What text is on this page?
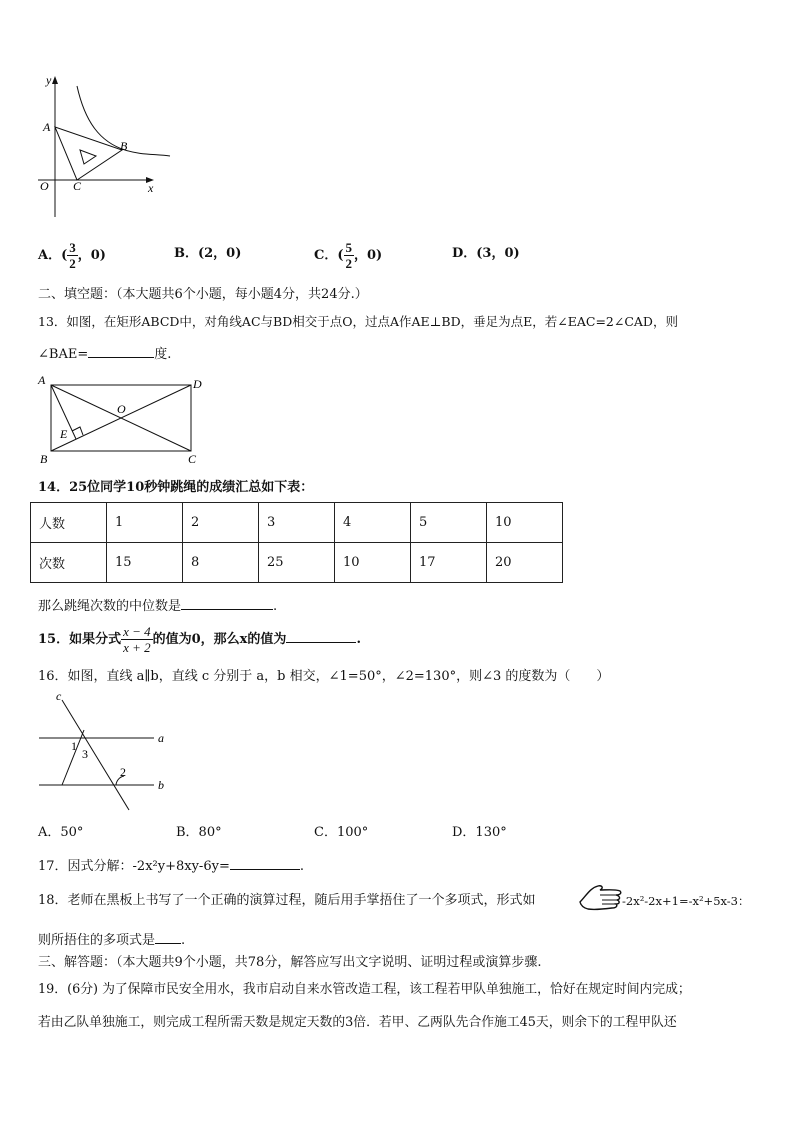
y
x
O
A
B
C
A．( $\frac{3}{2}$ ，0)	B．(2，0)	C．( $\frac{5}{2}$ ，0)	D．(3，0)
二、填空题：（本大题共6个小题，每小题4分，共24分.）
13．如图，在矩形ABCD中，对角线AC与BD相交于点O，过点A作AE⊥BD，垂足为点E，若∠EAC=2∠CAD，则
∠BAE=	度.
A	D
B	C
O
E
14．25位同学10秒钟跳绳的成绩汇总如下表：
人数	1	2	3	4	5	10
次数	15	8	25	10	17	20
那么跳绳次数的中位数是	.
15．如果分式 $\frac{x - 4}{x + 2}$ 的值为0，那么x的值为	.
16．如图，直线 a∥b，直线 c 分别于 a，b 相交，∠1=50°，∠2=130°，则∠3 的度数为（　　）
c
a
b
1
3
2
A．50°	B．80°	C．100°	D．130°
17．因式分解：-2x²y+8xy-6y=	.
18．老师在黑板上书写了一个正确的演算过程，随后用手掌捂住了一个多项式，形式如	-2x²-2x+1=-x²+5x-3：
则所捂住的多项式是 .
三、解答题：（本大题共9个小题，共78分，解答应写出文字说明、证明过程或演算步骤.
19．(6分) 为了保障市民安全用水，我市启动自来水管改造工程，该工程若甲队单独施工，恰好在规定时间内完成；
若由乙队单独施工，则完成工程所需天数是规定天数的3倍．若甲、乙两队先合作施工45天，则余下的工程甲队还
